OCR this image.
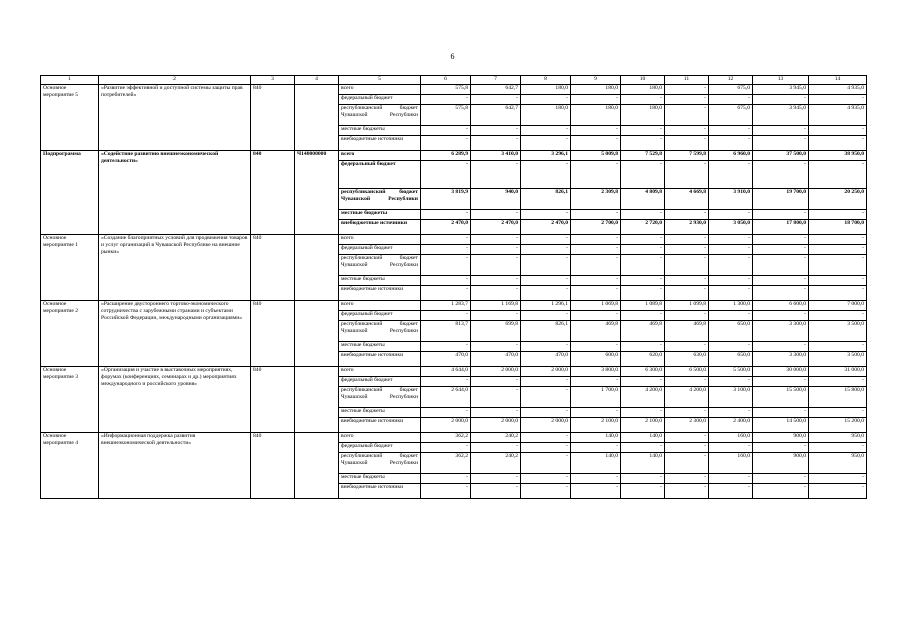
6
1	2	3	4	5	6	7	8	9	10	11	12	13	14
Основное мероприятие 5	«Развитие эффективной и доступной системы защиты прав потребителей»	840		всего	575,8	642,7	180,0	180,0	180,0	-	675,0	3 945,0	4 935,0
				федеральный бюджет	-	-	-	-	-	-	-	-	-
				республиканский бюджет Чувашской Республики	575,8	642,7	180,0	180,0	180,0	-	675,0	3 945,0	4 935,0
				местные бюджеты	-	-	-	-	-	-	-	-	-
				внебюджетные источники	-	-	-	-	-	-	-	-	-
Подпрограмма	«Содействие развитию внешнеэкономической деятельности»	840	Ч140000000	всего	6 289,9	3 410,0	3 296,1	5 009,8	7 529,8	7 599,8	6 960,0	37 500,0	38 950,0
				федеральный бюджет	-	-	-	-	-	-	-	-	-
				республиканский бюджет Чувашской Республики	3 819,9	940,0	826,1	2 309,8	4 809,8	4 669,8	3 910,0	19 700,0	20 250,0
				местные бюджеты	-	-	-	-	-	-	-	-	-
				внебюджетные источники	2 470,0	2 470,0	2 470,0	2 700,0	2 720,0	2 930,0	3 050,0	17 800,0	18 700,0
Основное мероприятие 1	«Создание благоприятных условий для продвижения товаров и услуг организаций в Чувашской Республике на внешние рынки»	840		всего	-	-	-	-	-	-	-	-	-
				федеральный бюджет	-	-	-	-	-	-	-	-	-
				республиканский бюджет Чувашской Республики	-	-	-	-	-	-	-	-	-
				местные бюджеты	-	-	-	-	-	-	-	-	-
				внебюджетные источники	-	-	-	-	-	-	-	-	-
Основное мероприятие 2	«Расширение двустороннего торгово-экономического сотрудничества с зарубежными странами и субъектами Российской Федерации, международными организациями»	840		всего	1 283,7	1 169,8	1 296,1	1 069,8	1 089,8	1 099,8	1 300,0	6 600,0	7 000,0
				федеральный бюджет	-	-	-	-	-	-	-	-	-
				республиканский бюджет Чувашской Республики	813,7	699,8	826,1	469,8	469,8	469,8	650,0	3 300,0	3 500,0
				местные бюджеты	-	-	-	-	-	-	-	-	-
				внебюджетные источники	470,0	470,0	470,0	600,0	620,0	630,0	650,0	3 300,0	3 500,0
Основное мероприятие 3	«Организация и участие в выставочных мероприятиях, форумах (конференциях, семинарах и др.) мероприятиях международного и российского уровня»	840		всего	4 644,0	2 000,0	2 000,0	3 800,0	6 300,0	6 500,0	5 500,0	30 000,0	31 000,0
				федеральный бюджет	-	-	-	-	-	-	-	-	-
				республиканский бюджет Чувашской Республики	2 644,0	-	-	1 700,0	4 200,0	4 200,0	3 100,0	15 500,0	15 800,0
				местные бюджеты	-	-	-	-	-	-	-	-	-
				внебюджетные источники	2 000,0	2 000,0	2 000,0	2 100,0	2 100,0	2 300,0	2 400,0	14 500,0	15 200,0
Основное мероприятие 4	«Информационная поддержка развития внешнеэкономической деятельности»	840		всего	362,2	240,2	-	140,0	140,0	-	160,0	900,0	950,0
				федеральный бюджет	-	-	-	-	-	-	-	-	-
				республиканский бюджет Чувашской Республики	362,2	240,2	-	140,0	140,0	-	160,0	900,0	950,0
				местные бюджеты	-	-	-	-	-	-	-	-	-
				внебюджетные источники	-	-	-	-	-	-	-	-	-
